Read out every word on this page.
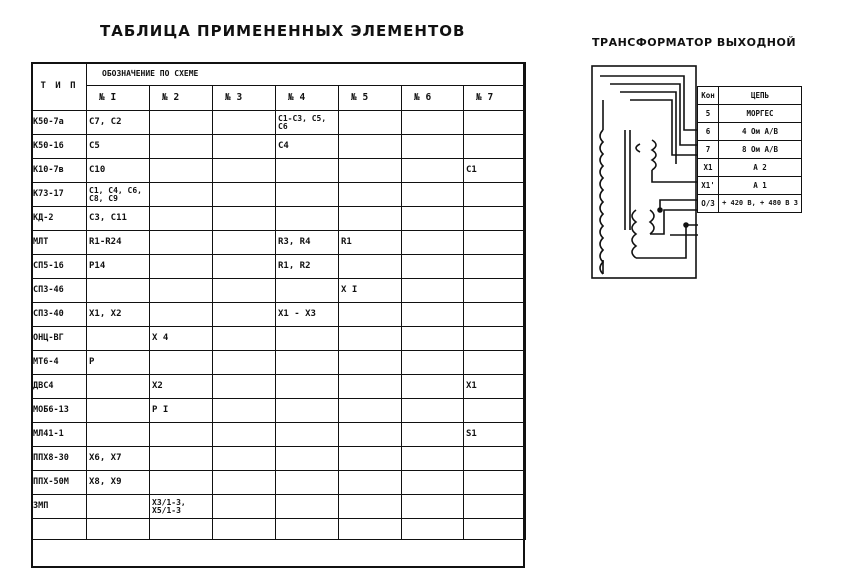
ТАБЛИЦА ПРИМЕНЕННЫХ ЭЛЕМЕНТОВ
Т И П	ОБОЗНАЧЕНИЕ ПО СХЕМЕ						
	№ I	№ 2	№ 3	№ 4	№ 5	№ 6	№ 7
К50-7а	C7, C2			C1-C3, C5, C6			
К50-16	C5			C4			
К10-7в	C10						C1
К73-17	C1, C4, C6, C8, C9						
КД-2	C3, C11						
МЛТ	R1-R24			R3, R4	R1		
СП5-16	Р14			R1, R2			
СП3-46					Х I		
СП3-40	Х1, Х2			Х1 - Х3			
ОНЦ-ВГ		Х 4					
МТ6-4	Р						
ДВС4		Х2					Х1
МОБ6-13		Р I					
МЛ41-1							S1
ППХ8-30	Х6, Х7						
ППХ-50М	Х8, Х9						
ЗМП		Х3/1-3, Х5/1-3					

ТРАНСФОРМАТОР ВЫХОДНОЙ
Кон	ЦЕПЬ
5	МОРГЕС
6	4 Ом А/В
7	8 Ом А/В
Х1	А 2
Х1'	А 1
О/3	+ 420 В, + 480 В 3
